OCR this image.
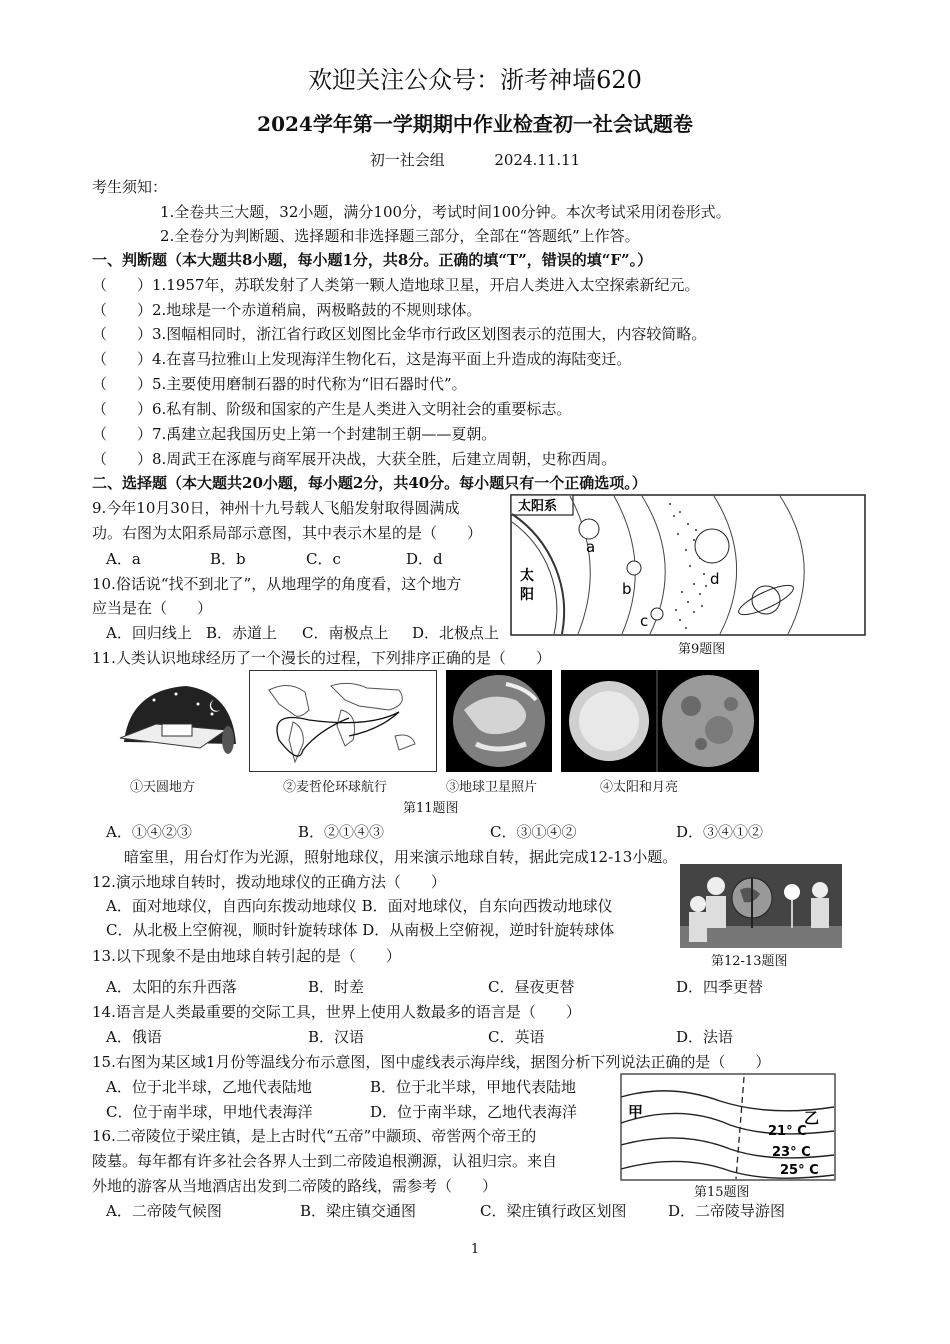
欢迎关注公众号：浙考神墙620
2024学年第一学期期中作业检查初一社会试题卷
初一社会组	2024.11.11
考生须知：
1.全卷共三大题，32小题，满分100分，考试时间100分钟。本次考试采用闭卷形式。
2.全卷分为判断题、选择题和非选择题三部分，全部在“答题纸”上作答。
一、判断题（本大题共8小题，每小题1分，共8分。正确的填“T”，错误的填“F”。）
（　　）1.1957年，苏联发射了人类第一颗人造地球卫星，开启人类进入太空探索新纪元。
（　　）2.地球是一个赤道稍扁，两极略鼓的不规则球体。
（　　）3.图幅相同时，浙江省行政区划图比金华市行政区划图表示的范围大，内容较简略。
（　　）4.在喜马拉雅山上发现海洋生物化石，这是海平面上升造成的海陆变迁。
（　　）5.主要使用磨制石器的时代称为“旧石器时代”。
（　　）6.私有制、阶级和国家的产生是人类进入文明社会的重要标志。
（　　）7.禹建立起我国历史上第一个封建制王朝——夏朝。
（　　）8.周武王在涿鹿与商军展开决战，大获全胜，后建立周朝，史称西周。
二、选择题（本大题共20小题，每小题2分，共40分。每小题只有一个正确选项。）
9.今年10月30日，神州十九号载人飞船发射取得圆满成
功。右图为太阳系局部示意图，其中表示木星的是（　　）
A．a	B．b	C．c	D．d
10.俗话说“找不到北了”，从地理学的角度看，这个地方
应当是在（　　）
A．回归线上 B．赤道上 C．南极点上 D．北极点上
太阳系
太
阳
a
b
c
d
第9题图
11.人类认识地球经历了一个漫长的过程，下列排序正确的是（　　）
①天圆地方	②麦哲伦环球航行	③地球卫星照片	④太阳和月亮
第11题图
A．①④②③	B．②①④③	C．③①④②	D．③④①②
暗室里，用台灯作为光源，照射地球仪，用来演示地球自转，据此完成12-13小题。
12.演示地球自转时，拨动地球仪的正确方法（　　）
A．面对地球仪，自西向东拨动地球仪 B．面对地球仪，自东向西拨动地球仪
C．从北极上空俯视，顺时针旋转球体 D．从南极上空俯视，逆时针旋转球体
第12-13题图
13.以下现象不是由地球自转引起的是（　　）
A．太阳的东升西落	B．时差	C．昼夜更替	D．四季更替
14.语言是人类最重要的交际工具，世界上使用人数最多的语言是（　　）
A．俄语	B．汉语	C．英语	D．法语
15.右图为某区域1月份等温线分布示意图，图中虚线表示海岸线，据图分析下列说法正确的是（　　）
A．位于北半球，乙地代表陆地	B．位于北半球，甲地代表陆地
C．位于南半球，甲地代表海洋	D．位于南半球，乙地代表海洋	甲	乙
21° C
23° C
25° C
第15题图
16.二帝陵位于梁庄镇，是上古时代“五帝”中颛顼、帝喾两个帝王的
陵墓。每年都有许多社会各界人士到二帝陵追根溯源，认祖归宗。来自
外地的游客从当地酒店出发到二帝陵的路线，需参考（　　）
A．二帝陵气候图	B．梁庄镇交通图	C．梁庄镇行政区划图	D．二帝陵导游图
1
